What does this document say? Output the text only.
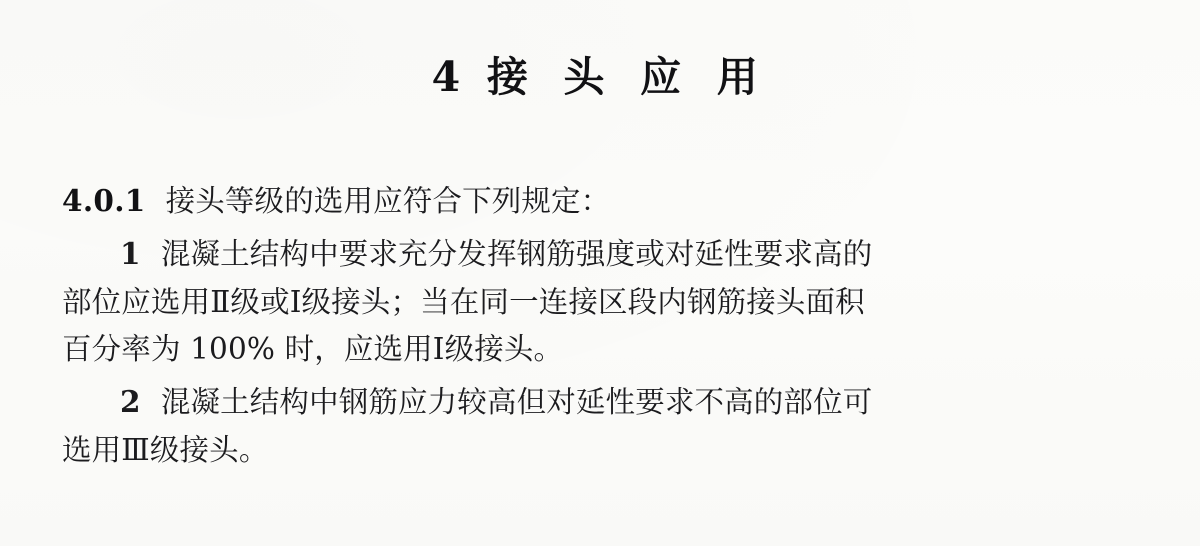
4 接 头 应 用

4.0.1 接头等级的选用应符合下列规定：

1 混凝土结构中要求充分发挥钢筋强度或对延性要求高的

部位应选用Ⅱ级或Ⅰ级接头；当在同一连接区段内钢筋接头面积

百分率为 100% 时，应选用Ⅰ级接头。

2 混凝土结构中钢筋应力较高但对延性要求不高的部位可

选用Ⅲ级接头。
